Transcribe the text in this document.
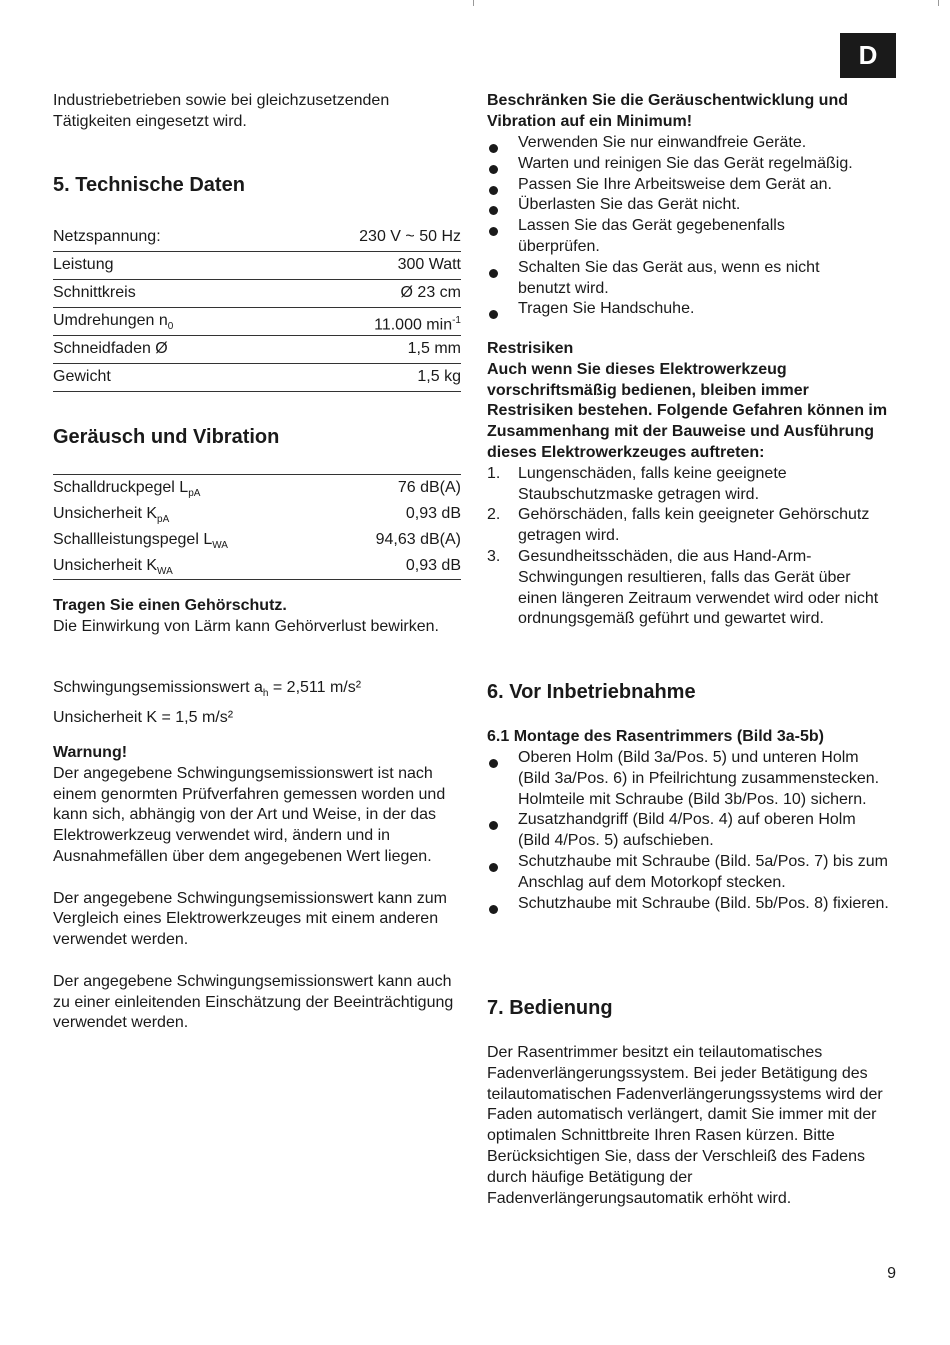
D
Industriebetrieben sowie bei gleichzusetzenden Tätigkeiten eingesetzt wird.
5. Technische Daten
Netzspannung:	230 V ~ 50 Hz
Leistung	300 Watt
Schnittkreis	Ø 23 cm
Umdrehungen $n_0$	11.000 $\min^{-1}$
Schneidfaden Ø	1,5 mm
Gewicht	1,5 kg
Geräusch und Vibration
Schalldruckpegel $L_{pA}$	76 dB(A)
Unsicherheit $K_{pA}$	0,93 dB
Schallleistungspegel $L_{WA}$	94,63 dB(A)
Unsicherheit $K_{WA}$	0,93 dB
Tragen Sie einen Gehörschutz.
Die Einwirkung von Lärm kann Gehörverlust bewirken.
Schwingungsemissionswert $a_h = 2,511$ m/s²
Unsicherheit K = 1,5 m/s²
Warnung!

Der angegebene Schwingungsemissionswert ist nach einem genormten Prüfverfahren gemessen worden und kann sich, abhängig von der Art und Weise, in der das Elektrowerkzeug verwendet wird, ändern und in Ausnahmefällen über dem angegebenen Wert liegen.

Der angegebene Schwingungsemissionswert kann zum Vergleich eines Elektrowerkzeuges mit einem anderen verwendet werden.

Der angegebene Schwingungsemissionswert kann auch zu einer einleitenden Einschätzung der Beeinträchtigung verwendet werden.

Beschränken Sie die Geräuschentwicklung und Vibration auf ein Minimum!
Verwenden Sie nur einwandfreie Geräte.
Warten und reinigen Sie das Gerät regelmäßig.
Passen Sie Ihre Arbeitsweise dem Gerät an.
Überlasten Sie das Gerät nicht.
Lassen Sie das Gerät gegebenenfalls überprüfen.
Schalten Sie das Gerät aus, wenn es nicht benutzt wird.
Tragen Sie Handschuhe.
Restrisiken
Auch wenn Sie dieses Elektrowerkzeug vorschriftsmäßig bedienen, bleiben immer Restrisiken bestehen. Folgende Gefahren können im Zusammenhang mit der Bauweise und Ausführung dieses Elektrowerkzeuges auftreten:
1. Lungenschäden, falls keine geeignete Staubschutzmaske getragen wird.
2. Gehörschäden, falls kein geeigneter Gehörschutz getragen wird.
3. Gesundheitsschäden, die aus Hand-Arm-Schwingungen resultieren, falls das Gerät über einen längeren Zeitraum verwendet wird oder nicht ordnungsgemäß geführt und gewartet wird.
6. Vor Inbetriebnahme
6.1 Montage des Rasentrimmers (Bild 3a-5b)
Oberen Holm (Bild 3a/Pos. 5) und unteren Holm (Bild 3a/Pos. 6) in Pfeilrichtung zusammenstecken. Holmteile mit Schraube (Bild 3b/Pos. 10) sichern.
Zusatzhandgriff (Bild 4/Pos. 4) auf oberen Holm (Bild 4/Pos. 5) aufschieben.
Schutzhaube mit Schraube (Bild. 5a/Pos. 7) bis zum Anschlag auf dem Motorkopf stecken.
Schutzhaube mit Schraube (Bild. 5b/Pos. 8) fixieren.
7. Bedienung
Der Rasentrimmer besitzt ein teilautomatisches Fadenverlängerungssystem. Bei jeder Betätigung des teilautomatischen Fadenverlängerungssystems wird der Faden automatisch verlängert, damit Sie immer mit der optimalen Schnittbreite Ihren Rasen kürzen. Bitte Berücksichtigen Sie, dass der Verschleiß des Fadens durch häufige Betätigung der Fadenverlängerungsautomatik erhöht wird.
9
